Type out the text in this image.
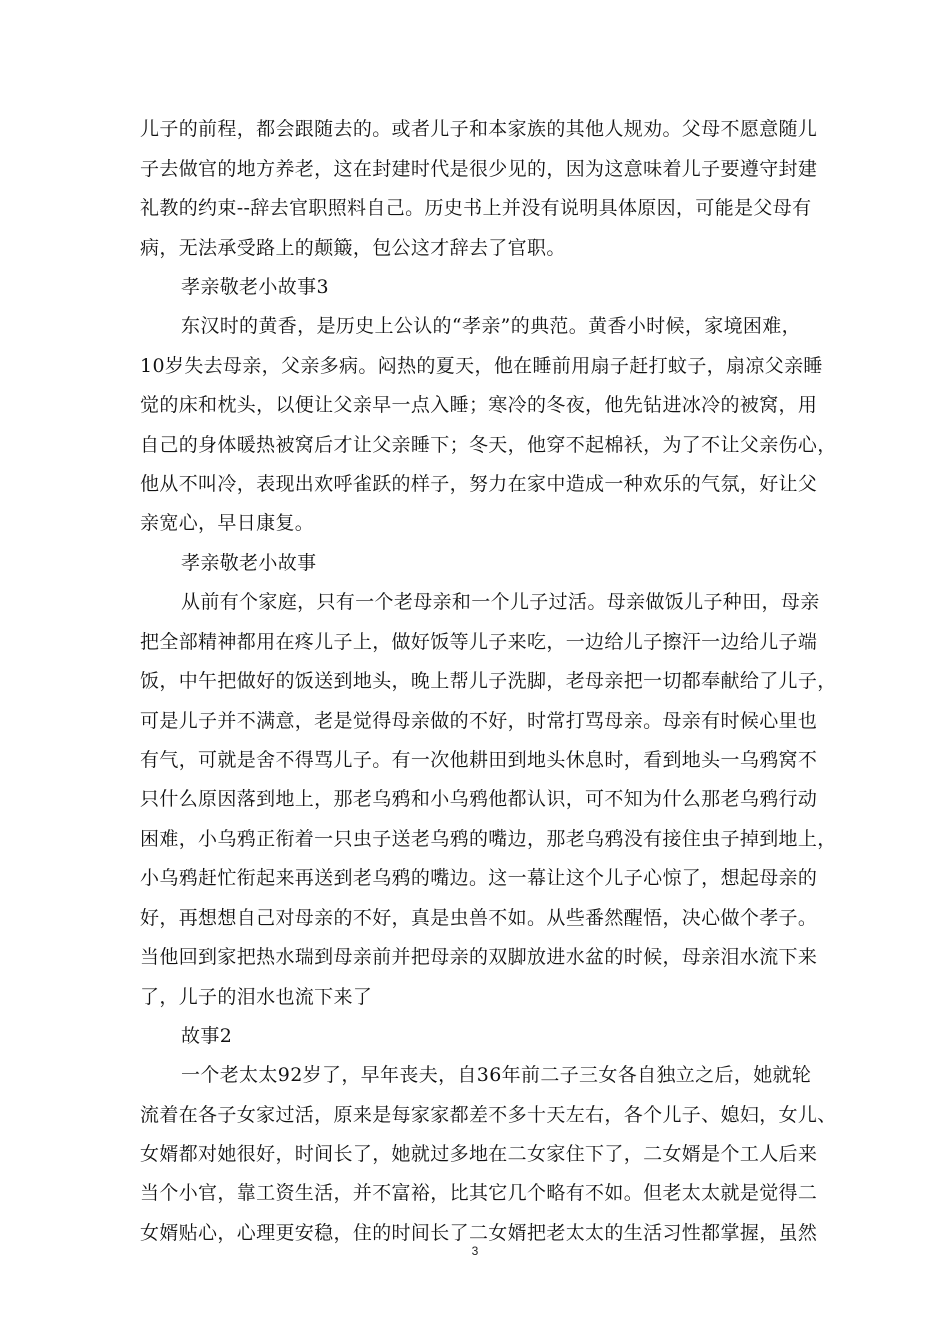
儿子的前程，都会跟随去的。或者儿子和本家族的其他人规劝。父母不愿意随儿
子去做官的地方养老，这在封建时代是很少见的，因为这意味着儿子要遵守封建
礼教的约束--辞去官职照料自己。历史书上并没有说明具体原因，可能是父母有
病，无法承受路上的颠簸，包公这才辞去了官职。
孝亲敬老小故事3
东汉时的黄香，是历史上公认的“孝亲”的典范。黄香小时候，家境困难，
10岁失去母亲，父亲多病。闷热的夏天，他在睡前用扇子赶打蚊子，扇凉父亲睡
觉的床和枕头，以便让父亲早一点入睡；寒冷的冬夜，他先钻进冰冷的被窝，用
自己的身体暖热被窝后才让父亲睡下；冬天，他穿不起棉袄，为了不让父亲伤心，
他从不叫冷，表现出欢呼雀跃的样子，努力在家中造成一种欢乐的气氛，好让父
亲宽心，早日康复。
孝亲敬老小故事
从前有个家庭，只有一个老母亲和一个儿子过活。母亲做饭儿子种田，母亲
把全部精神都用在疼儿子上，做好饭等儿子来吃，一边给儿子擦汗一边给儿子端
饭，中午把做好的饭送到地头，晚上帮儿子洗脚，老母亲把一切都奉献给了儿子，
可是儿子并不满意，老是觉得母亲做的不好，时常打骂母亲。母亲有时候心里也
有气，可就是舍不得骂儿子。有一次他耕田到地头休息时，看到地头一乌鸦窝不
只什么原因落到地上，那老乌鸦和小乌鸦他都认识，可不知为什么那老乌鸦行动
困难，小乌鸦正衔着一只虫子送老乌鸦的嘴边，那老乌鸦没有接住虫子掉到地上，
小乌鸦赶忙衔起来再送到老乌鸦的嘴边。这一幕让这个儿子心惊了，想起母亲的
好，再想想自己对母亲的不好，真是虫兽不如。从些番然醒悟，决心做个孝子。
当他回到家把热水瑞到母亲前并把母亲的双脚放进水盆的时候，母亲泪水流下来
了，儿子的泪水也流下来了
故事2
一个老太太92岁了，早年丧夫，自36年前二子三女各自独立之后，她就轮
流着在各子女家过活，原来是每家家都差不多十天左右，各个儿子、媳妇，女儿、
女婿都对她很好，时间长了，她就过多地在二女家住下了，二女婿是个工人后来
当个小官，靠工资生活，并不富裕，比其它几个略有不如。但老太太就是觉得二
女婿贴心，心理更安稳，住的时间长了二女婿把老太太的生活习性都掌握，虽然
3
